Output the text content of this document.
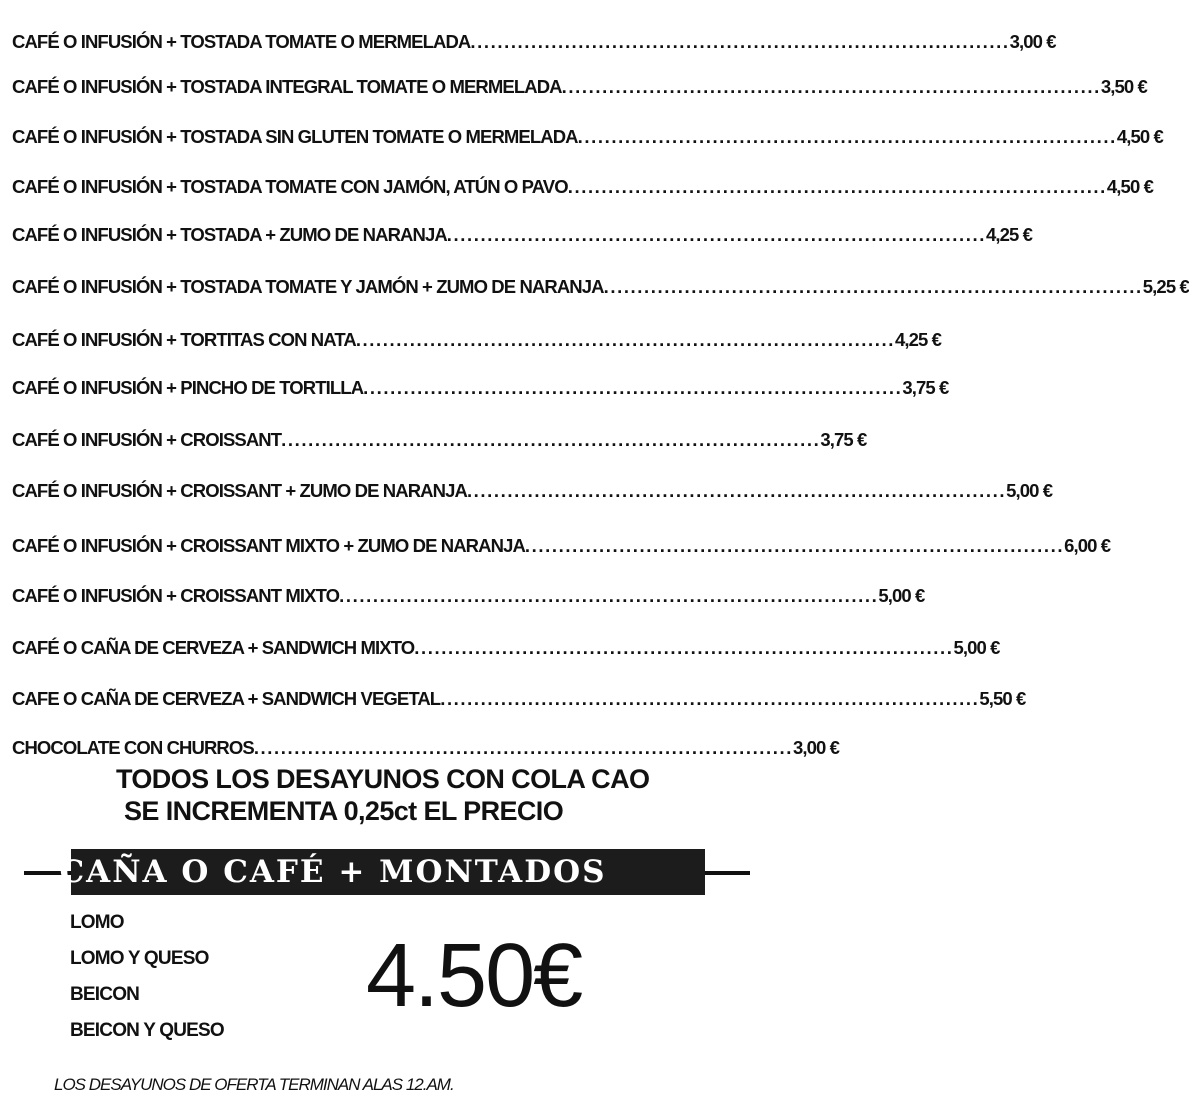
CAFÉ O INFUSIÓN + TOSTADA TOMATE O MERMELADA ................................................................................ 3,00 €
CAFÉ O INFUSIÓN + TOSTADA INTEGRAL TOMATE O MERMELADA ................................................................................ 3,50 €
CAFÉ O INFUSIÓN + TOSTADA SIN GLUTEN TOMATE O MERMELADA ................................................................................ 4,50 €
CAFÉ O INFUSIÓN + TOSTADA TOMATE CON JAMÓN, ATÚN O PAVO ................................................................................ 4,50 €
CAFÉ O INFUSIÓN + TOSTADA + ZUMO DE NARANJA ................................................................................ 4,25 €
CAFÉ O INFUSIÓN + TOSTADA TOMATE Y JAMÓN + ZUMO DE NARANJA ................................................................................ 5,25 €
CAFÉ O INFUSIÓN + TORTITAS CON NATA ................................................................................ 4,25 €
CAFÉ O INFUSIÓN + PINCHO DE TORTILLA ................................................................................ 3,75 €
CAFÉ O INFUSIÓN + CROISSANT ................................................................................ 3,75 €
CAFÉ O INFUSIÓN + CROISSANT + ZUMO DE NARANJA ................................................................................ 5,00 €
CAFÉ O INFUSIÓN + CROISSANT MIXTO + ZUMO DE NARANJA ................................................................................ 6,00 €
CAFÉ O INFUSIÓN + CROISSANT MIXTO ................................................................................ 5,00 €
CAFÉ O CAÑA DE CERVEZA + SANDWICH MIXTO ................................................................................ 5,00 €
CAFE O CAÑA DE CERVEZA + SANDWICH VEGETAL ................................................................................ 5,50 €
CHOCOLATE CON CHURROS ................................................................................ 3,00 €
TODOS LOS DESAYUNOS CON COLA CAO
SE INCREMENTA 0,25ct EL PRECIO
CAÑA O CAFÉ + MONTADOS
LOMO
LOMO Y QUESO
BEICON
BEICON Y QUESO
4.50€
LOS DESAYUNOS DE OFERTA TERMINAN ALAS 12.AM.
